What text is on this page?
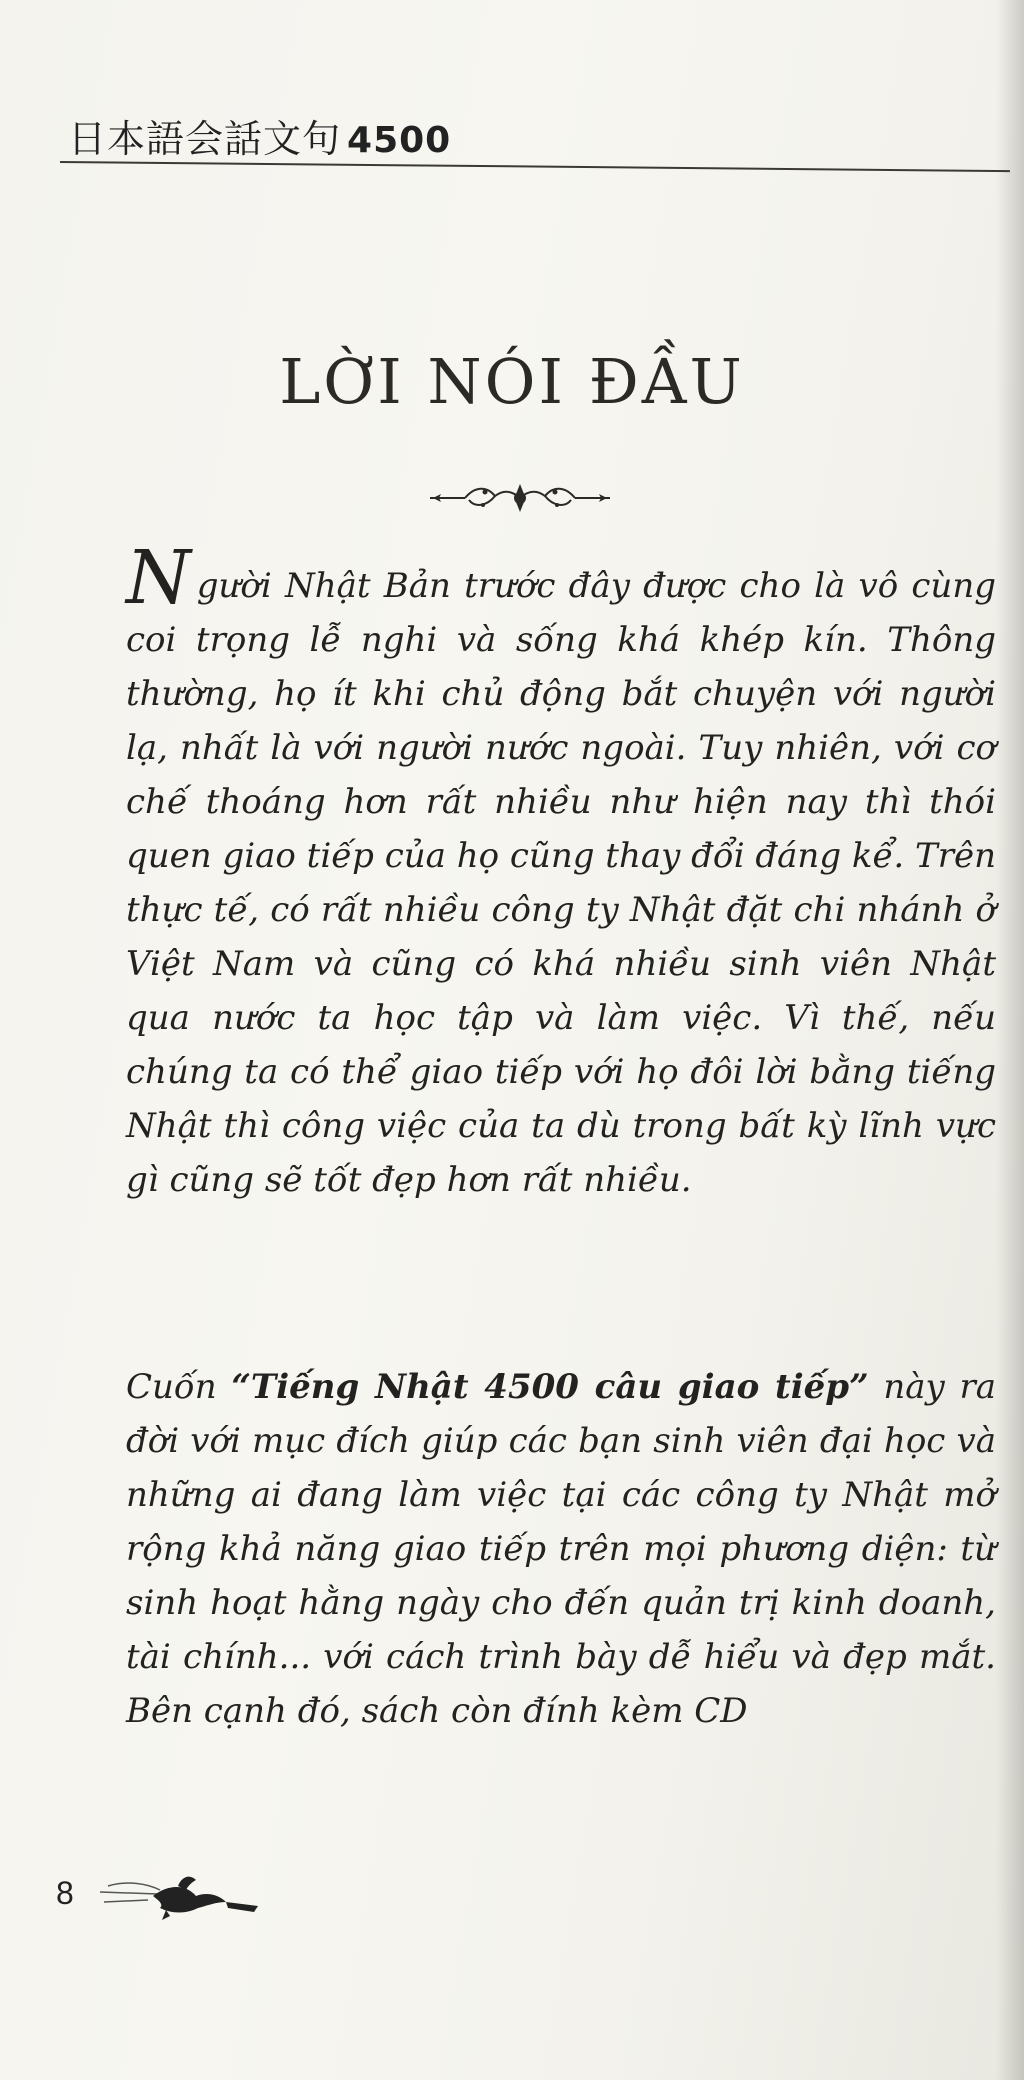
日本語会話文句 4500
LỜI NÓI ĐẦU
Người Nhật Bản trước đây được cho là vô cùng coi trọng lễ nghi và sống khá khép kín. Thông thường, họ ít khi chủ động bắt chuyện với người lạ, nhất là với người nước ngoài. Tuy nhiên, với cơ chế thoáng hơn rất nhiều như hiện nay thì thói quen giao tiếp của họ cũng thay đổi đáng kể. Trên thực tế, có rất nhiều công ty Nhật đặt chi nhánh ở Việt Nam và cũng có khá nhiều sinh viên Nhật qua nước ta học tập và làm việc. Vì thế, nếu chúng ta có thể giao tiếp với họ đôi lời bằng tiếng Nhật thì công việc của ta dù trong bất kỳ lĩnh vực gì cũng sẽ tốt đẹp hơn rất nhiều.
Cuốn “Tiếng Nhật 4500 câu giao tiếp” này ra đời với mục đích giúp các bạn sinh viên đại học và những ai đang làm việc tại các công ty Nhật mở rộng khả năng giao tiếp trên mọi phương diện: từ sinh hoạt hằng ngày cho đến quản trị kinh doanh, tài chính... với cách trình bày dễ hiểu và đẹp mắt. Bên cạnh đó, sách còn đính kèm CD
8
